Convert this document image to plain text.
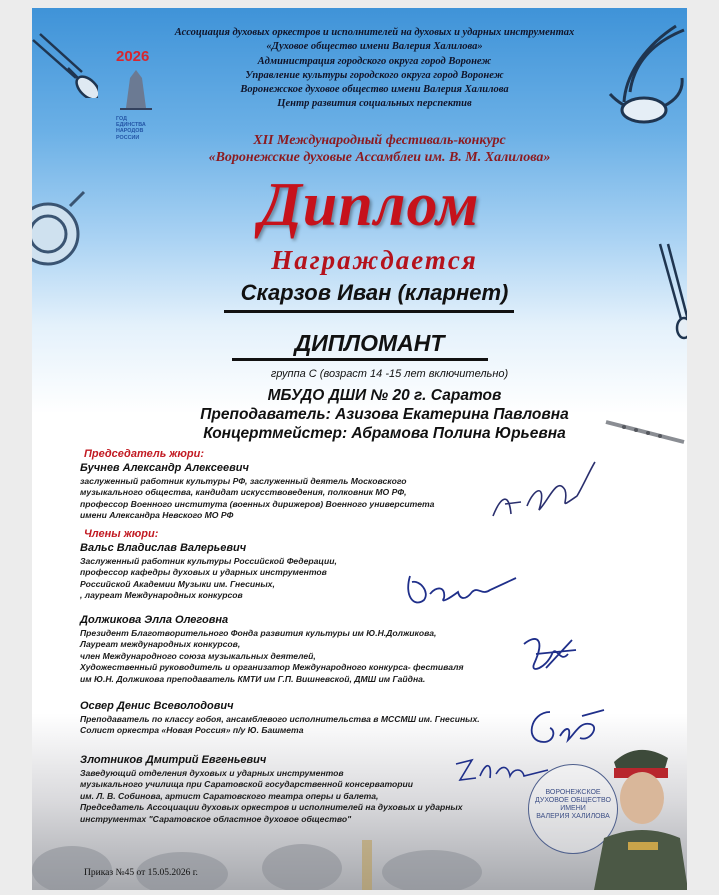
2026
ГОД
ЕДИНСТВА
НАРОДОВ
РОССИИ
Ассоциация духовых оркестров и исполнителей на духовых и ударных инструментах
«Духовое общество имени Валерия Халилова»
Администрация городского округа город Воронеж
Управление культуры городского округа город Воронеж
Воронежское духовое общество имени Валерия Халилова
Центр развития социальных перспектив
XII Международный фестиваль-конкурс
«Воронежские духовые Ассамблеи им. В. М. Халилова»
Диплом
Награждается
Скарзов Иван (кларнет)
ДИПЛОМАНТ
группа С (возраст 14 -15 лет включительно)
МБУДО ДШИ № 20 г. Саратов
Преподаватель: Азизова Екатерина Павловна
Концертмейстер: Абрамова Полина Юрьевна
Председатель жюри:
Бучнев Александр Алексеевич
заслуженный работник культуры РФ, заслуженный деятель Московского
музыкального общества, кандидат искусствоведения, полковник МО РФ,
профессор Военного института (военных дирижеров) Военного университета
имени Александра Невского МО РФ
Члены жюри:
Вальс Владислав Валерьевич
Заслуженный работник культуры Российской Федерации,
профессор кафедры духовых и ударных инструментов
Российской Академии Музыки им. Гнесиных,
, лауреат Международных конкурсов
Должикова Элла Олеговна
Президент Благотворительного Фонда развития культуры им Ю.Н.Должикова,
Лауреат международных конкурсов,
член Международного союза музыкальных деятелей,
Художественный руководитель и организатор Международного конкурса- фестиваля
им Ю.Н. Должикова преподаватель КМТИ им Г.П. Вишневской, ДМШ им Гайдна.
Освер Денис Всеволодович
Преподаватель по классу гобоя, ансамблевого исполнительства в МССМШ им. Гнесиных.
Солист оркестра «Новая Россия» п/у Ю. Башмета
Злотников Дмитрий Евгеньевич
Заведующий отделения духовых и ударных инструментов
музыкального училища при Саратовской государственной консерватории
им. Л. В. Собинова, артист Саратовского театра оперы и балета,
Председатель Ассоциации духовых оркестров и исполнителей на духовых и ударных
инструментах "Саратовское областное духовое общество"
ВОРОНЕЖСКОЕ
ДУХОВОЕ ОБЩЕСТВО
ИМЕНИ
ВАЛЕРИЯ ХАЛИЛОВА
Приказ №45 от 15.05.2026 г.
